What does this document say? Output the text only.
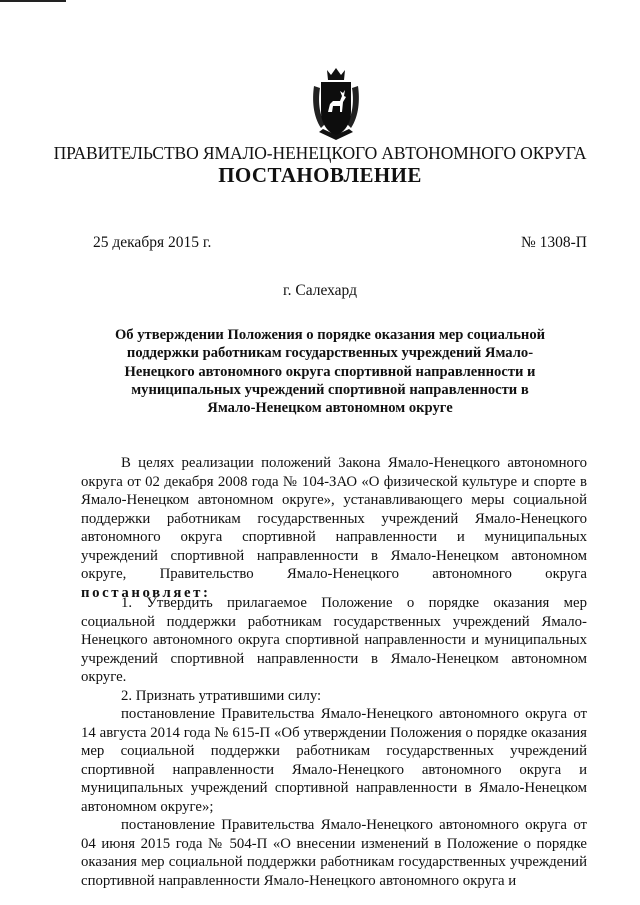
ПРАВИТЕЛЬСТВО ЯМАЛО-НЕНЕЦКОГО АВТОНОМНОГО ОКРУГА
ПОСТАНОВЛЕНИЕ
25 декабря 2015 г.	№ 1308-П
г. Салехард
Об утверждении Положения о порядке оказания мер социальной поддержки работникам государственных учреждений Ямало-Ненецкого автономного округа спортивной направленности и муниципальных учреждений спортивной направленности в Ямало-Ненецком автономном округе

В целях реализации положений Закона Ямало-Ненецкого автономного округа от 02 декабря 2008 года № 104-ЗАО «О физической культуре и спорте в Ямало-Ненецком автономном округе», устанавливающего меры социальной поддержки работникам государственных учреждений Ямало-Ненецкого автономного округа спортивной направленности и муниципальных учреждений спортивной направленности в Ямало-Ненецком автономном округе, Правительство Ямало-Ненецкого автономного округа постановляет:

1. Утвердить прилагаемое Положение о порядке оказания мер социальной поддержки работникам государственных учреждений Ямало-Ненецкого автономного округа спортивной направленности и муниципальных учреждений спортивной направленности в Ямало-Ненецком автономном округе.

2. Признать утратившими силу:

постановление Правительства Ямало-Ненецкого автономного округа от 14 августа 2014 года № 615-П «Об утверждении Положения о порядке оказания мер социальной поддержки работникам государственных учреждений спортивной направленности Ямало-Ненецкого автономного округа и муниципальных учреждений спортивной направленности в Ямало-Ненецком автономном округе»;

постановление Правительства Ямало-Ненецкого автономного округа от 04 июня 2015 года № 504-П «О внесении изменений в Положение о порядке оказания мер социальной поддержки работникам государственных учреждений спортивной направленности Ямало-Ненецкого автономного округа и
